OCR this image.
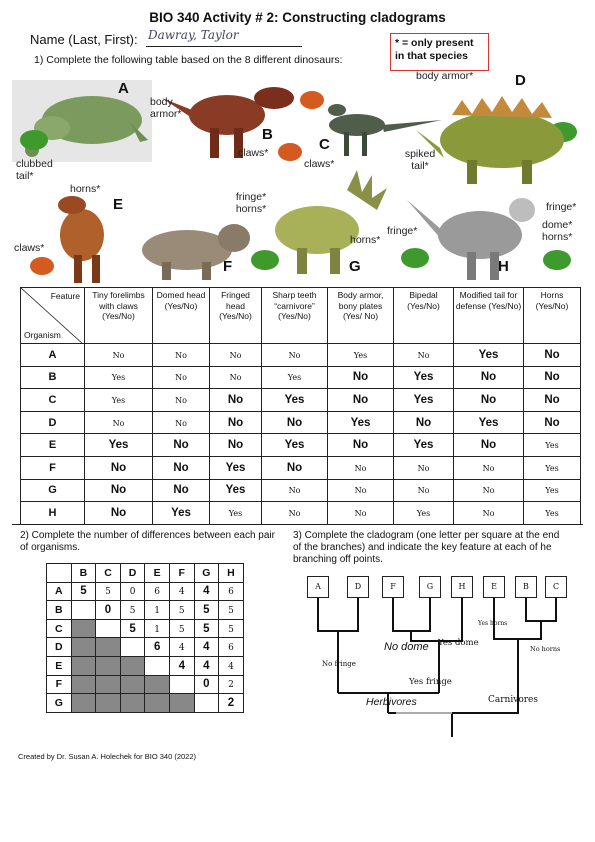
BIO 340 Activity # 2: Constructing cladograms
Name (Last, First): Dawray, Taylor
* = only present in that species
1) Complete the following table based on the 8 different dinosaurs:
A
body armor*
clubbed tail*
B
claws*	C
claws*
D
body armor*
spiked tail*
E
horns*
claws*
F
fringe* horns*
G
horns*
fringe*
H
fringe*
dome* horns*
Feature
Organism	Tiny forelimbs with claws (Yes/No)	Domed head (Yes/No)	Fringed head (Yes/No)	Sharp teeth “carnivore” (Yes/No)	Body armor, bony plates (Yes/ No)	Bipedal (Yes/No)	Modified tail for defense (Yes/No)	Horns (Yes/No)
A	No	No	No	No	Yes	No	Yes	No
B	Yes	No	No	Yes	No	Yes	No	No
C	Yes	No	No	Yes	No	Yes	No	No
D	No	No	No	No	Yes	No	Yes	No
E	Yes	No	No	Yes	No	Yes	No	Yes
F	No	No	Yes	No	No	No	No	Yes
G	No	No	Yes	No	No	No	No	Yes
H	No	Yes	Yes	No	No	Yes	No	Yes
2) Complete the number of differences between each pair of organisms.
3) Complete the cladogram (one letter per square at the end of the branches) and indicate the key feature at each of he branching off points.
	B	C	D	E	F	G	H
A	5	5	0	6	4	4	6
B		0	5	1	5	5	5
C			5	1	5	5	5
D				6	4	4	6
E					4	4	4
F						0	2
G							2
Created by Dr. Susan A. Holechek for BIO 340 (2022)
A	D	F	G	H	E	B	C
No fringe
No dome Yes dome
Yes horns
No horns
Yes fringe
Herbivores	Carnivores
